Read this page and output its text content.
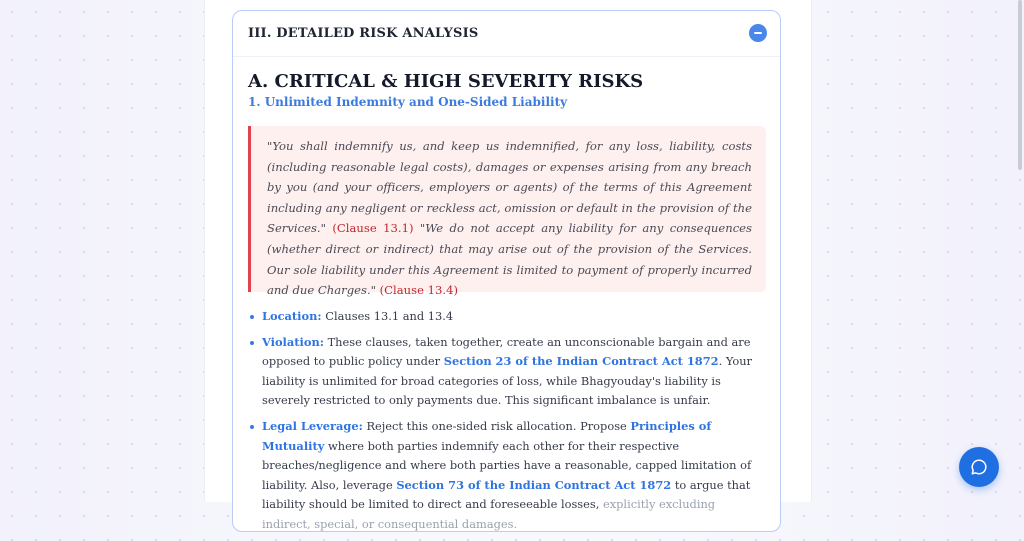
III. DETAILED RISK ANALYSIS
A. CRITICAL & HIGH SEVERITY RISKS
1. Unlimited Indemnity and One-Sided Liability
"You shall indemnify us, and keep us indemnified, for any loss, liability, costs (including reasonable legal costs), damages or expenses arising from any breach by you (and your officers, employers or agents) of the terms of this Agreement including any negligent or reckless act, omission or default in the provision of the Services." (Clause 13.1) "We do not accept any liability for any consequences (whether direct or indirect) that may arise out of the provision of the Services. Our sole liability under this Agreement is limited to payment of properly incurred and due Charges." (Clause 13.4)
Location: Clauses 13.1 and 13.4
Violation: These clauses, taken together, create an unconscionable bargain and are opposed to public policy under Section 23 of the Indian Contract Act 1872. Your liability is unlimited for broad categories of loss, while Bhagyouday's liability is severely restricted to only payments due. This significant imbalance is unfair.
Legal Leverage: Reject this one-sided risk allocation. Propose Principles of Mutuality where both parties indemnify each other for their respective breaches/negligence and where both parties have a reasonable, capped limitation of liability. Also, leverage Section 73 of the Indian Contract Act 1872 to argue that liability should be limited to direct and foreseeable losses, explicitly excluding indirect, special, or consequential damages.
